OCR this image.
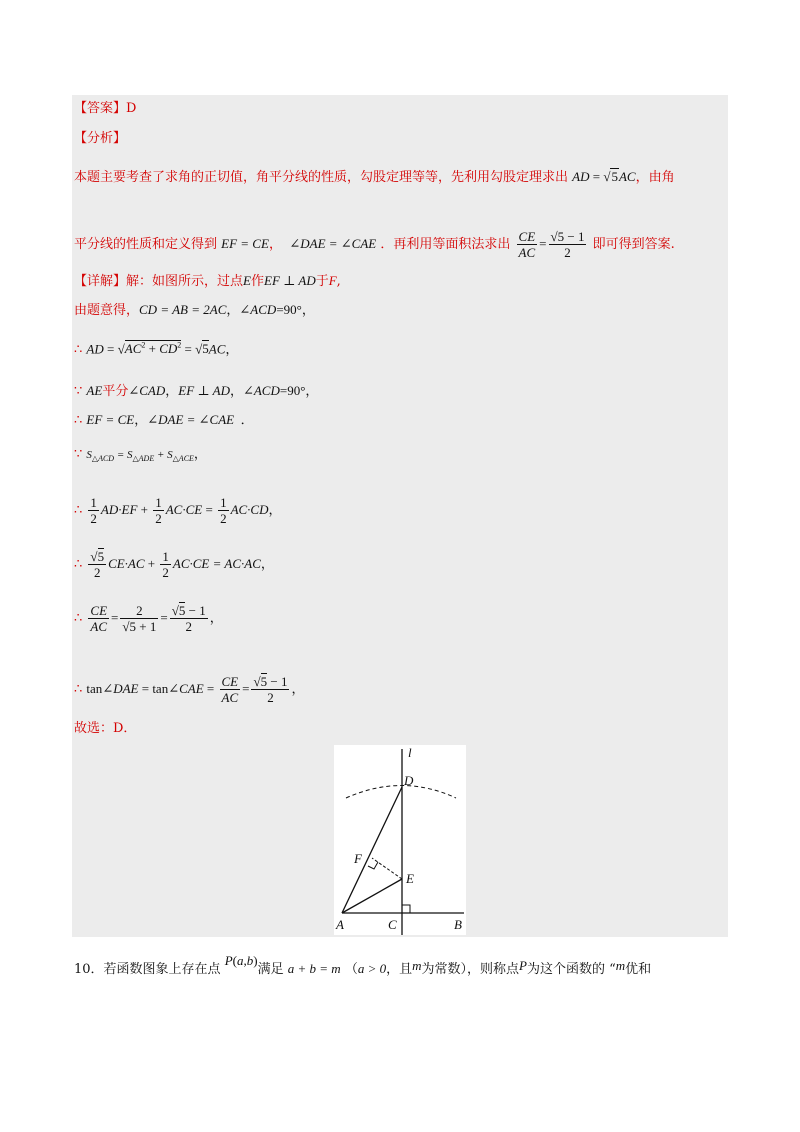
【答案】D
【分析】
本题主要考查了求角的正切值，角平分线的性质，勾股定理等等，先利用勾股定理求出 AD = √5AC，由角
平分线的性质和定义得到 EF = CE，  ∠DAE = ∠CAE ．再利用等面积法求出 $\frac{CE}{AC} = \frac{√5 - 1}{2}$ 即可得到答案.
【详解】解：如图所示，过点E作EF ⊥ AD于F,
由题意得，CD = AB = 2AC，∠ACD=90°，
∴ AD = $√AC^2 + CD^2 = √5AC$，
∵ AE平分∠CAD，EF ⊥ AD，∠ACD=90°，
∴ EF = CE，∠DAE = ∠CAE  ．
∵ $S_{\triangle ACD} = S_{\triangle ADE} + S_{\triangle ACE}$，
∴ $\frac{1}{2} AD\cdot EF + \frac{1}{2} AC\cdot CE = \frac{1}{2} AC\cdot CD$，
∴ $\frac{√5}{2} CE\cdot AC + \frac{1}{2} AC\cdot CE = AC\cdot AC$，
∴ $\frac{CE}{AC} = \frac{2}{√5 + 1} = \frac{√5 - 1}{2}$ ，
∴ tan∠DAE = tan∠CAE = $\frac{CE}{AC} = \frac{√5 - 1}{2}$ ，
故选：D．
l
D
F
E
A	C	B
10．若函数图象上存在点 P(a,b)满足 a + b = m （a > 0，且m为常数），则称点P为这个函数的 “m优和
